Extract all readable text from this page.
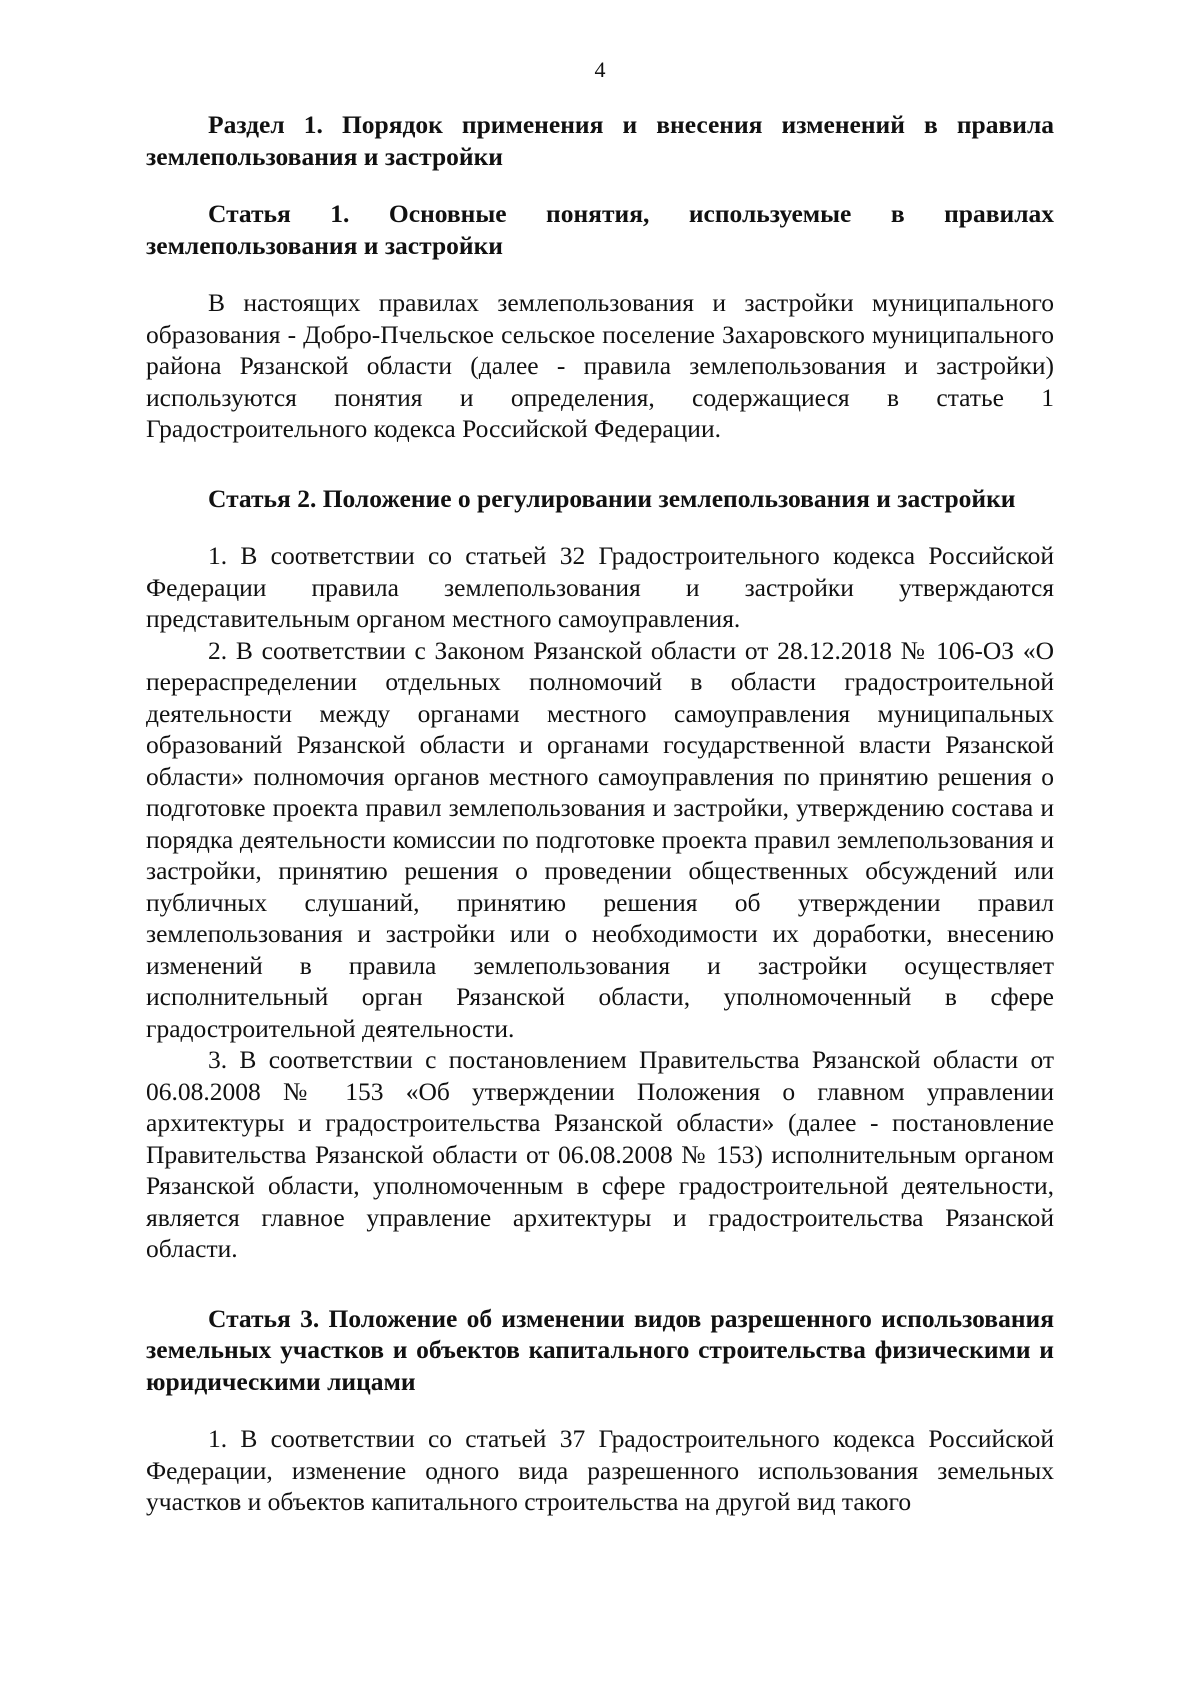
4

Раздел 1. Порядок применения и внесения изменений в правила землепользования и застройки

Статья 1. Основные понятия, используемые в правилах землепользования и застройки

В настоящих правилах землепользования и застройки муниципального образования - Добро-Пчельское сельское поселение Захаровского муниципального района Рязанской области (далее - правила землепользования и застройки) используются понятия и определения, содержащиеся в статье 1 Градостроительного кодекса Российской Федерации.

Статья 2. Положение о регулировании землепользования и застройки

1. В соответствии со статьей 32 Градостроительного кодекса Российской Федерации правила землепользования и застройки утверждаются представительным органом местного самоуправления.

2. В соответствии с Законом Рязанской области от 28.12.2018 № 106-ОЗ «О перераспределении отдельных полномочий в области градостроительной деятельности между органами местного самоуправления муниципальных образований Рязанской области и органами государственной власти Рязанской области» полномочия органов местного самоуправления по принятию решения о подготовке проекта правил землепользования и застройки, утверждению состава и порядка деятельности комиссии по подготовке проекта правил землепользования и застройки, принятию решения о проведении общественных обсуждений или публичных слушаний, принятию решения об утверждении правил землепользования и застройки или о необходимости их доработки, внесению изменений в правила землепользования и застройки осуществляет исполнительный орган Рязанской области, уполномоченный в сфере градостроительной деятельности.

3. В соответствии с постановлением Правительства Рязанской области от 06.08.2008 № 153 «Об утверждении Положения о главном управлении архитектуры и градостроительства Рязанской области» (далее - постановление Правительства Рязанской области от 06.08.2008 № 153) исполнительным органом Рязанской области, уполномоченным в сфере градостроительной деятельности, является главное управление архитектуры и градостроительства Рязанской области.

Статья 3. Положение об изменении видов разрешенного использования земельных участков и объектов капитального строительства физическими и юридическими лицами

1. В соответствии со статьей 37 Градостроительного кодекса Российской Федерации, изменение одного вида разрешенного использования земельных участков и объектов капитального строительства на другой вид такого
